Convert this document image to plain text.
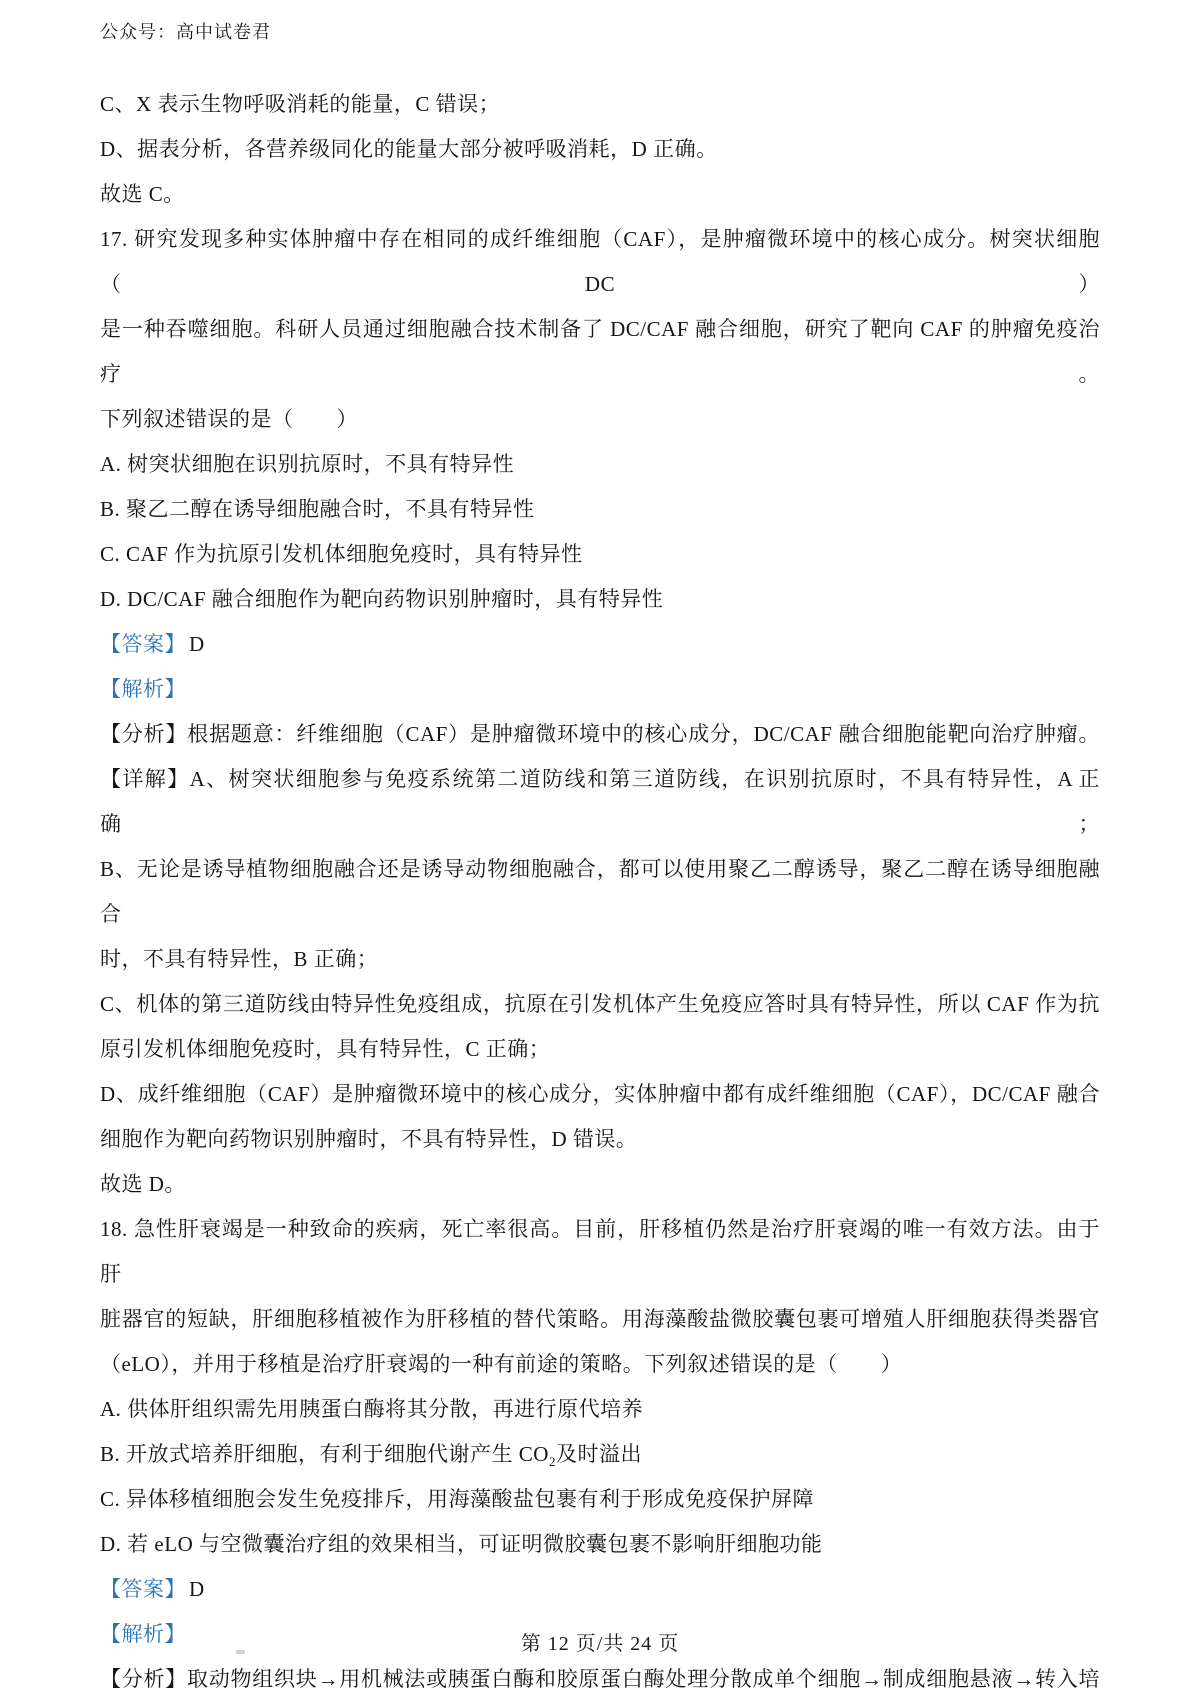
公众号：高中试卷君

C、X 表示生物呼吸消耗的能量，C 错误；

D、据表分析，各营养级同化的能量大部分被呼吸消耗，D 正确。

故选 C。

17. 研究发现多种实体肿瘤中存在相同的成纤维细胞（CAF），是肿瘤微环境中的核心成分。树突状细胞（DC）

是一种吞噬细胞。科研人员通过细胞融合技术制备了 DC/CAF 融合细胞，研究了靶向 CAF 的肿瘤免疫治疗。

下列叙述错误的是（　　）

A. 树突状细胞在识别抗原时，不具有特异性

B. 聚乙二醇在诱导细胞融合时，不具有特异性

C. CAF 作为抗原引发机体细胞免疫时，具有特异性

D. DC/CAF 融合细胞作为靶向药物识别肿瘤时，具有特异性

【答案】 D

【解析】

【分析】根据题意：纤维细胞（CAF）是肿瘤微环境中的核心成分，DC/CAF 融合细胞能靶向治疗肿瘤。

【详解】A、树突状细胞参与免疫系统第二道防线和第三道防线，在识别抗原时，不具有特异性，A 正确；

B、无论是诱导植物细胞融合还是诱导动物细胞融合，都可以使用聚乙二醇诱导，聚乙二醇在诱导细胞融合

时，不具有特异性，B 正确；

C、机体的第三道防线由特异性免疫组成，抗原在引发机体产生免疫应答时具有特异性，所以 CAF 作为抗

原引发机体细胞免疫时，具有特异性，C 正确；

D、成纤维细胞（CAF）是肿瘤微环境中的核心成分，实体肿瘤中都有成纤维细胞（CAF），DC/CAF 融合

细胞作为靶向药物识别肿瘤时，不具有特异性，D 错误。

故选 D。

18. 急性肝衰竭是一种致命的疾病，死亡率很高。目前，肝移植仍然是治疗肝衰竭的唯一有效方法。由于肝

脏器官的短缺，肝细胞移植被作为肝移植的替代策略。用海藻酸盐微胶囊包裹可增殖人肝细胞获得类器官

（eLO），并用于移植是治疗肝衰竭的一种有前途的策略。下列叙述错误的是（　　）

A. 供体肝组织需先用胰蛋白酶将其分散，再进行原代培养

B. 开放式培养肝细胞，有利于细胞代谢产生 $CO_2$及时溢出

C. 异体移植细胞会发生免疫排斥，用海藻酸盐包裹有利于形成免疫保护屏障

D. 若 eLO 与空微囊治疗组的效果相当，可证明微胶囊包裹不影响肝细胞功能

【答案】 D

【解析】

【分析】取动物组织块→用机械法或胰蛋白酶和胶原蛋白酶处理分散成单个细胞→制成细胞悬液→转入培

第 12 页/共 24 页
